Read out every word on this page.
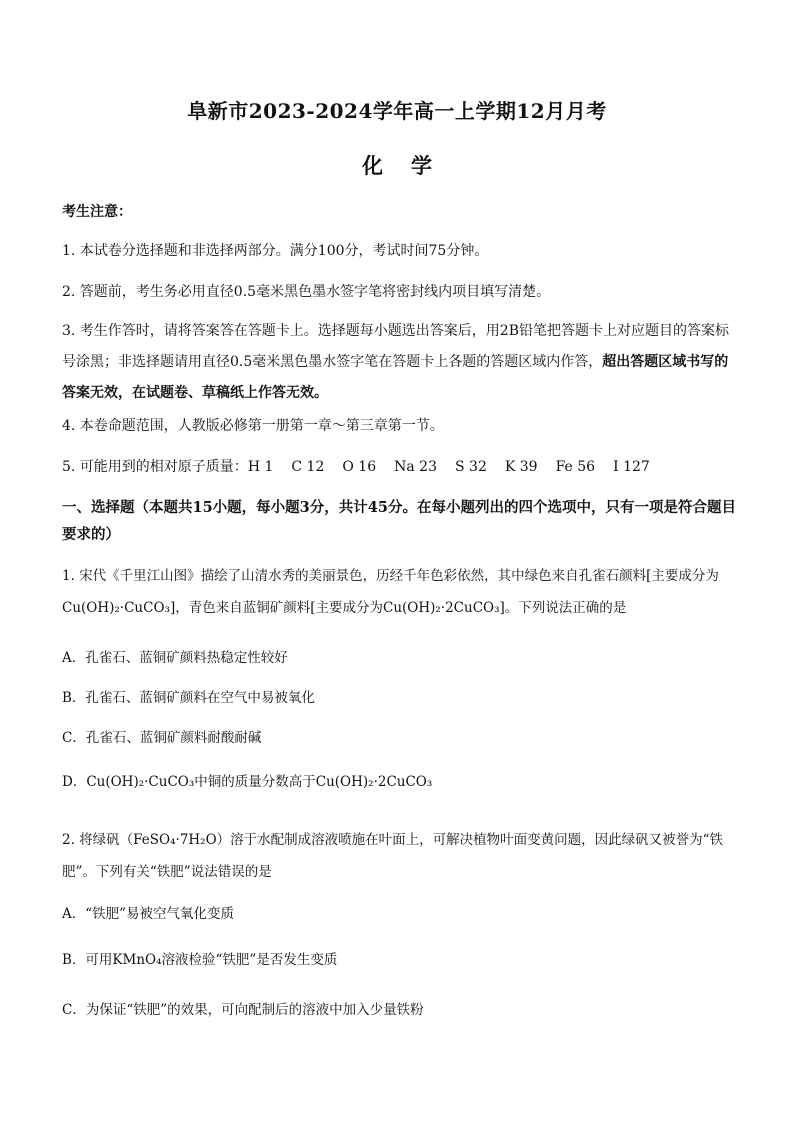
阜新市2023-2024学年高一上学期12月月考
化学
考生注意：
1. 本试卷分选择题和非选择两部分。满分100分，考试时间75分钟。
2. 答题前，考生务必用直径0.5毫米黑色墨水签字笔将密封线内项目填写清楚。
3. 考生作答时，请将答案答在答题卡上。选择题每小题选出答案后，用2B铅笔把答题卡上对应题目的答案标号涂黑；非选择题请用直径0.5毫米黑色墨水签字笔在答题卡上各题的答题区域内作答，超出答题区域书写的答案无效，在试题卷、草稿纸上作答无效。
4. 本卷命题范围，人教版必修第一册第一章～第三章第一节。
5. 可能用到的相对原子质量：H 1 C 12 O 16 Na 23 S 32 K 39 Fe 56 I 127
一、选择题（本题共15小题，每小题3分，共计45分。在每小题列出的四个选项中，只有一项是符合题目要求的）
1. 宋代《千里江山图》描绘了山清水秀的美丽景色，历经千年色彩依然，其中绿色来自孔雀石颜料[主要成分为Cu(OH)₂·CuCO₃]，青色来自蓝铜矿颜料[主要成分为Cu(OH)₂·2CuCO₃]。下列说法正确的是
A．孔雀石、蓝铜矿颜料热稳定性较好
B．孔雀石、蓝铜矿颜料在空气中易被氧化
C．孔雀石、蓝铜矿颜料耐酸耐碱
D．Cu(OH)₂·CuCO₃中铜的质量分数高于Cu(OH)₂·2CuCO₃
2. 将绿矾（FeSO₄·7H₂O）溶于水配制成溶液喷施在叶面上，可解决植物叶面变黄问题，因此绿矾又被誉为“铁肥”。下列有关“铁肥”说法错误的是
A．“铁肥”易被空气氧化变质
B．可用KMnO₄溶液检验“铁肥”是否发生变质
C．为保证“铁肥”的效果，可向配制后的溶液中加入少量铁粉
